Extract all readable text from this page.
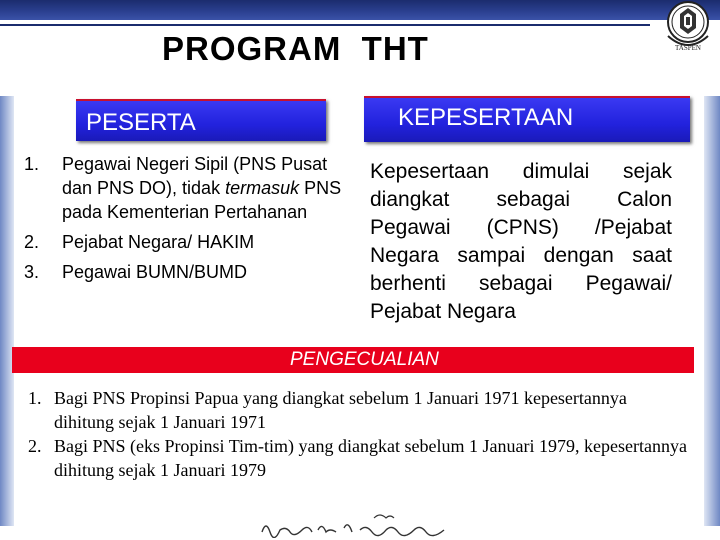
TASPEN
PROGRAM  THT
PESERTA	KEPESERTAAN
1. Pegawai Negeri Sipil (PNS Pusat dan PNS DO), tidak termasuk PNS pada Kementerian Pertahanan
2. Pejabat Negara/ HAKIM
3. Pegawai BUMN/BUMD
Kepesertaan dimulai sejak diangkat sebagai Calon Pegawai (CPNS) /Pejabat Negara sampai dengan saat berhenti sebagai Pegawai/ Pejabat Negara
PENGECUALIAN
1. Bagi PNS Propinsi Papua yang diangkat sebelum 1 Januari 1971 kepesertannya dihitung sejak 1 Januari 1971
2. Bagi PNS (eks Propinsi Tim-tim) yang diangkat sebelum 1 Januari 1979, kepesertannya dihitung sejak 1 Januari 1979
